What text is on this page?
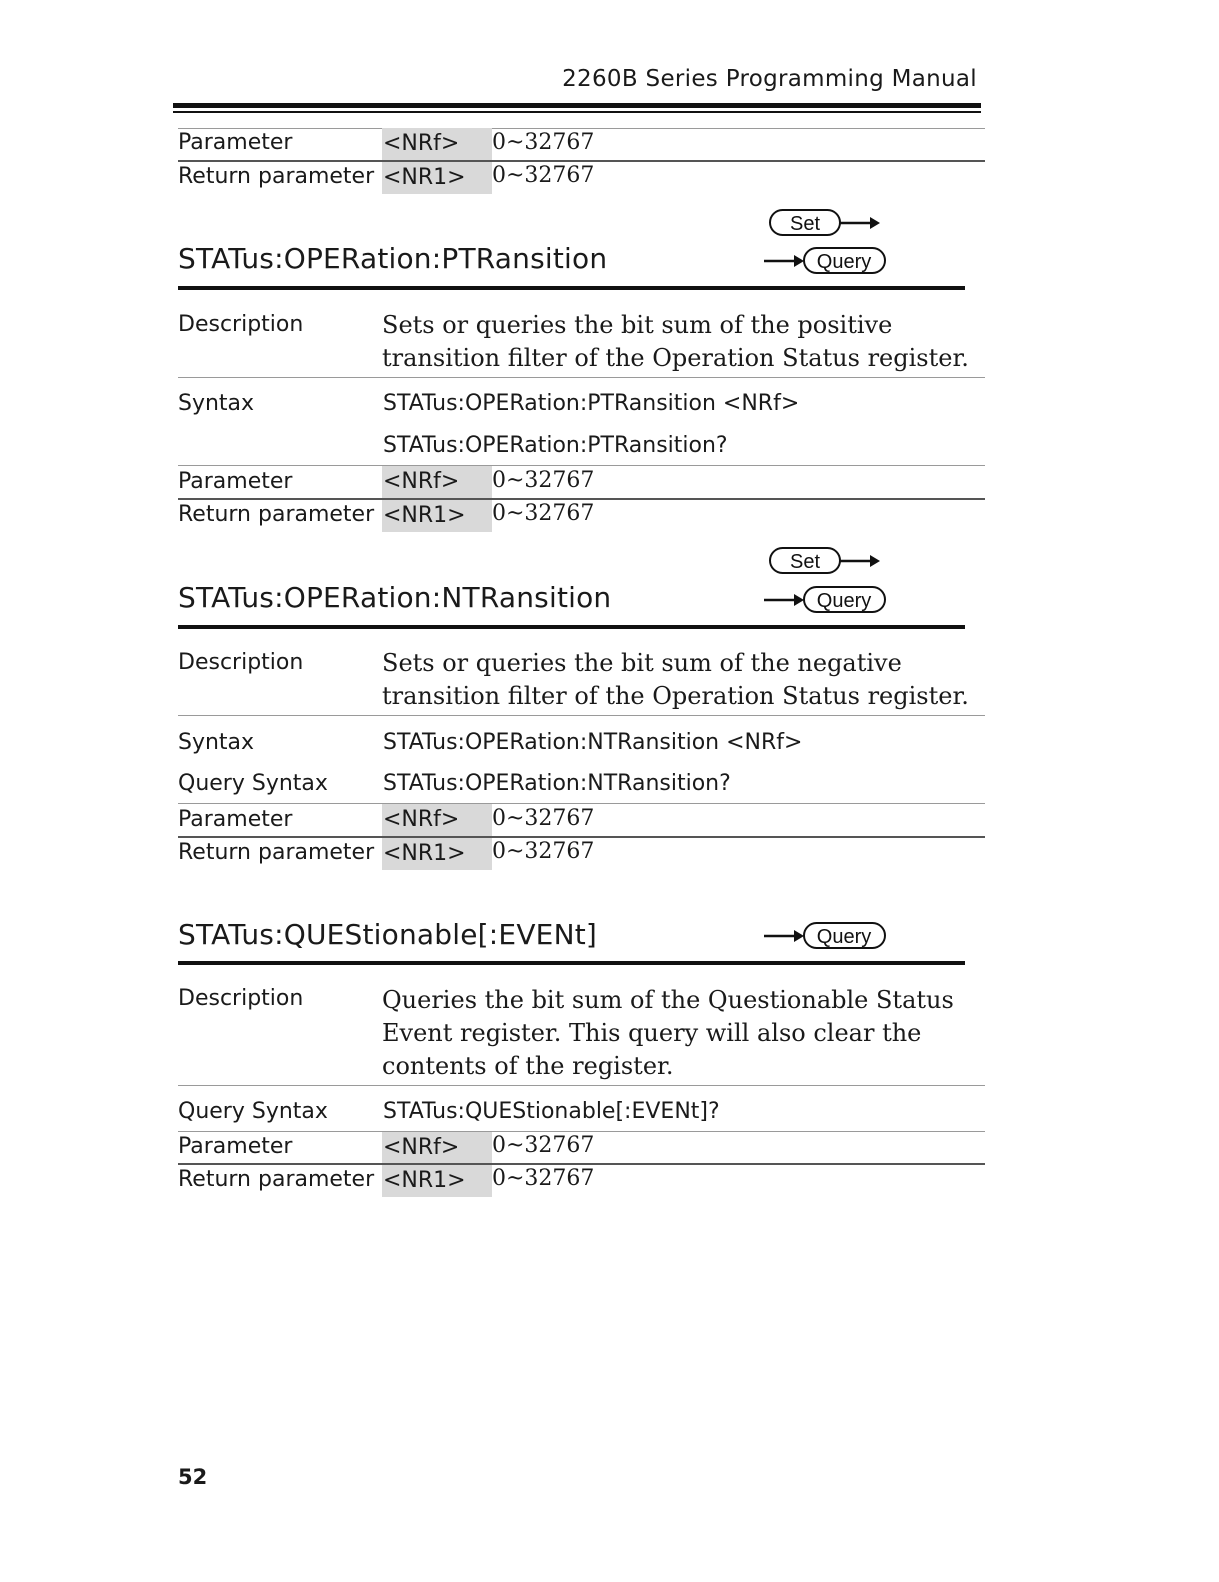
2260B Series Programming Manual
Parameter	<NRf>	0~32767
Return parameter <NR1>	0~32767
Set
Query
STATus:OPERation:PTRansition
Description	Sets or queries the bit sum of the positive transition filter of the Operation Status register.
Syntax	STATus:OPERation:PTRansition <NRf>
STATus:OPERation:PTRansition?
Parameter	<NRf>	0~32767
Return parameter <NR1>	0~32767
Set
Query
STATus:OPERation:NTRansition
Description	Sets or queries the bit sum of the negative transition filter of the Operation Status register.
Syntax	STATus:OPERation:NTRansition <NRf>
Query Syntax	STATus:OPERation:NTRansition?
Parameter	<NRf>	0~32767
Return parameter <NR1>	0~32767
Query
STATus:QUEStionable[:EVENt]
Description	Queries the bit sum of the Questionable Status Event register. This query will also clear the contents of the register.
Query Syntax	STATus:QUEStionable[:EVENt]?
Parameter	<NRf>	0~32767
Return parameter <NR1>	0~32767
52
